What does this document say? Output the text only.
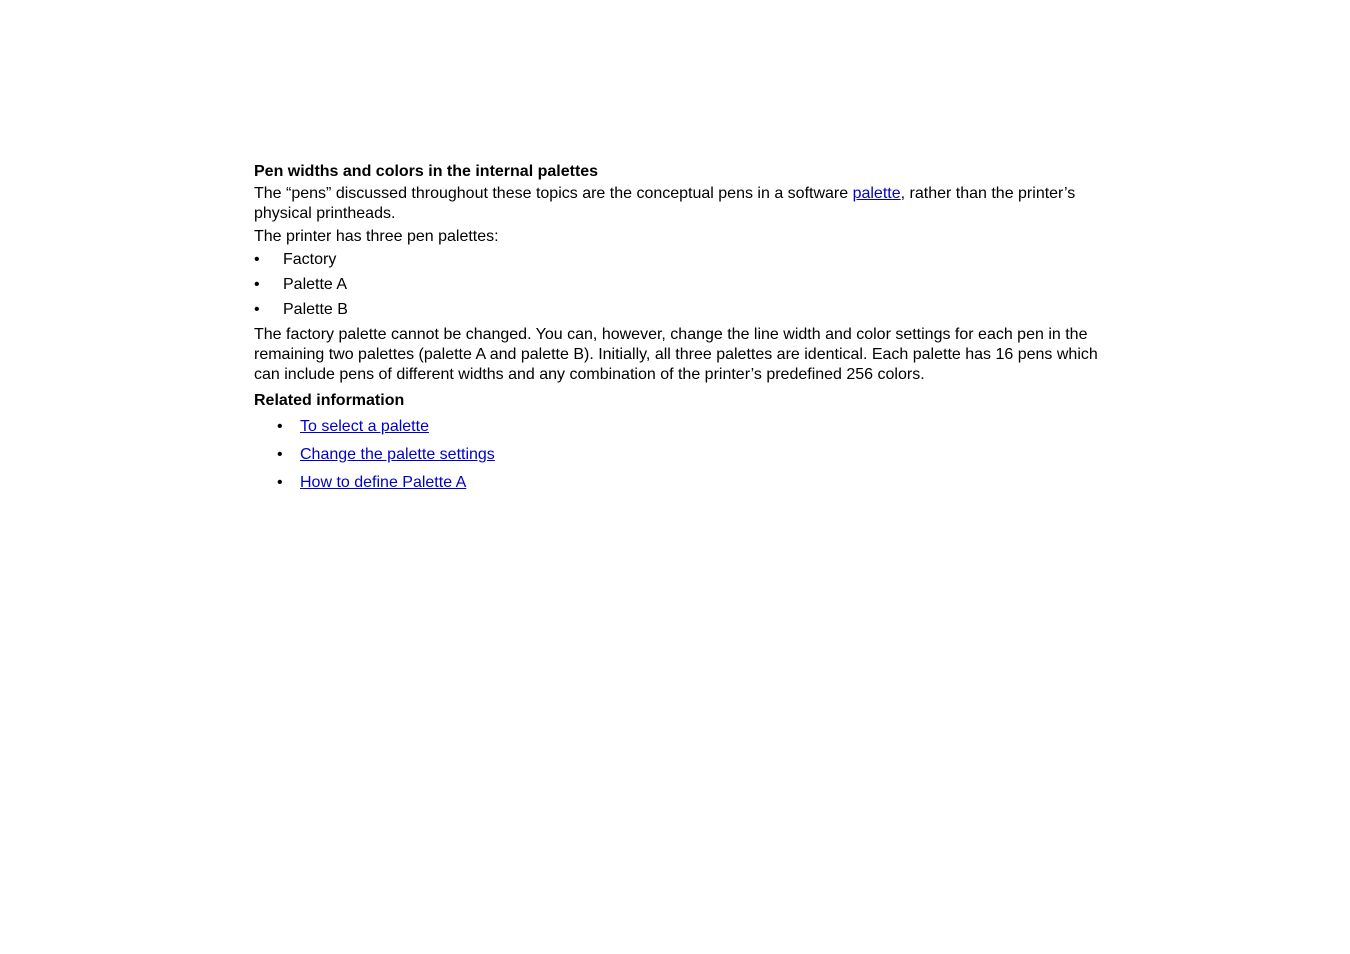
Pen widths and colors in the internal palettes

The “pens” discussed throughout these topics are the conceptual pens in a software palette, rather than the printer’s physical printheads.

The printer has three pen palettes:

• Factory
• Palette A
• Palette B

The factory palette cannot be changed. You can, however, change the line width and color settings for each pen in the remaining two palettes (palette A and palette B). Initially, all three palettes are identical. Each palette has 16 pens which can include pens of different widths and any combination of the printer’s predefined 256 colors.

Related information
• To select a palette
• Change the palette settings
• How to define Palette A
